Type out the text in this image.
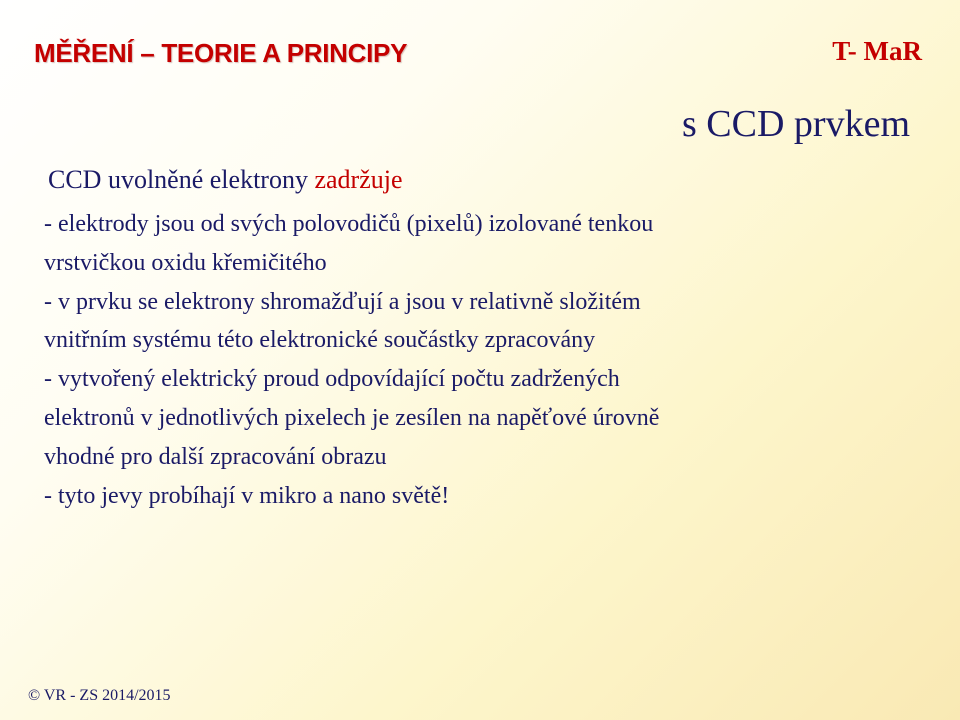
MĚŘENÍ – TEORIE A PRINCIPY	T- MaR
s CCD prvkem
CCD uvolněné elektrony zadržuje
- elektrody jsou od svých polovodičů (pixelů) izolované tenkou
vrstvičkou oxidu křemičitého
- v prvku se elektrony shromažďují a jsou v relativně složitém
vnitřním systému této elektronické součástky zpracovány
- vytvořený elektrický proud odpovídající počtu zadržených
elektronů v jednotlivých pixelech je zesílen na napěťové úrovně
vhodné pro další zpracování obrazu
- tyto jevy probíhají v mikro a nano světě!
© VR - ZS 2014/2015
